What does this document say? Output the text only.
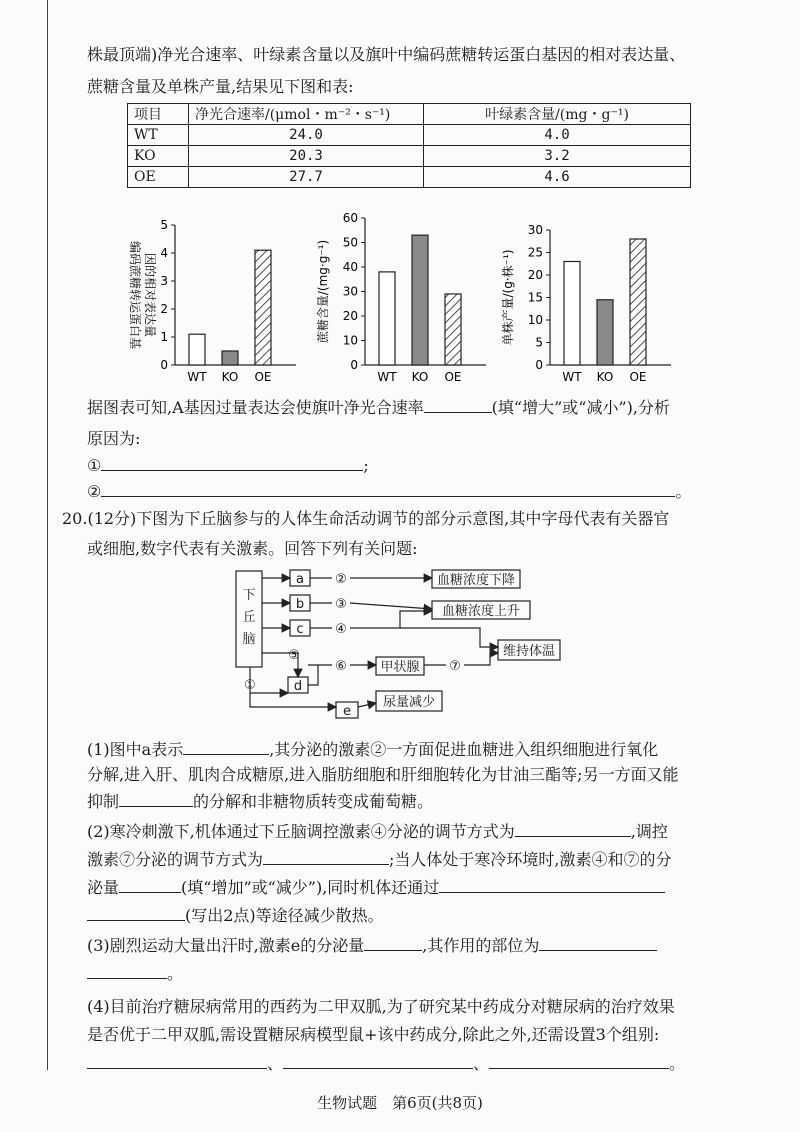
株最顶端)净光合速率、叶绿素含量以及旗叶中编码蔗糖转运蛋白基因的相对表达量、
蔗糖含量及单株产量,结果见下图和表:
项目	净光合速率/(μmol・m⁻²・s⁻¹)	叶绿素含量/(mg・g⁻¹)
WT	24.0	4.0
KO	20.3	3.2
OE	27.7	4.6
0
1
2
3
4
5
WT KO OE
编码蔗糖转运蛋白基 因的相对表达量
0
10
20
30
40
50
60
WT KO OE
蔗糖含量/(mg·g⁻¹)
0
5
10
15
20
25
30
WT KO OE
单株产量/(g·株⁻¹)
据图表可知,A基因过量表达会使旗叶净光合速率	(填“增大”或“减小”),分析
原因为:
①	;
②	。
20.(12分)下图为下丘脑参与的人体生命活动调节的部分示意图,其中字母代表有关器官
或细胞,数字代表有关激素。回答下列有关问题:
下
丘
脑
a
b
c
d
e
①
②
③
④
⑤
⑥	⑦
甲状腺
血糖浓度下降
血糖浓度上升
维持体温
尿量减少
(1)图中a表示	,其分泌的激素②一方面促进血糖进入组织细胞进行氧化
分解,进入肝、肌肉合成糖原,进入脂肪细胞和肝细胞转化为甘油三酯等;另一方面又能
抑制	的分解和非糖物质转变成葡萄糖。
(2)寒冷刺激下,机体通过下丘脑调控激素④分泌的调节方式为	,调控
激素⑦分泌的调节方式为	;当人体处于寒冷环境时,激素④和⑦的分
泌量	(填“增加”或“减少”),同时机体还通过
(写出2点)等途径减少散热。
(3)剧烈运动大量出汗时,激素e的分泌量	,其作用的部位为
。
(4)目前治疗糖尿病常用的西药为二甲双胍,为了研究某中药成分对糖尿病的治疗效果
是否优于二甲双胍,需设置糖尿病模型鼠+该中药成分,除此之外,还需设置3个组别:
、	、	。
生物试题　第6页(共8页)
